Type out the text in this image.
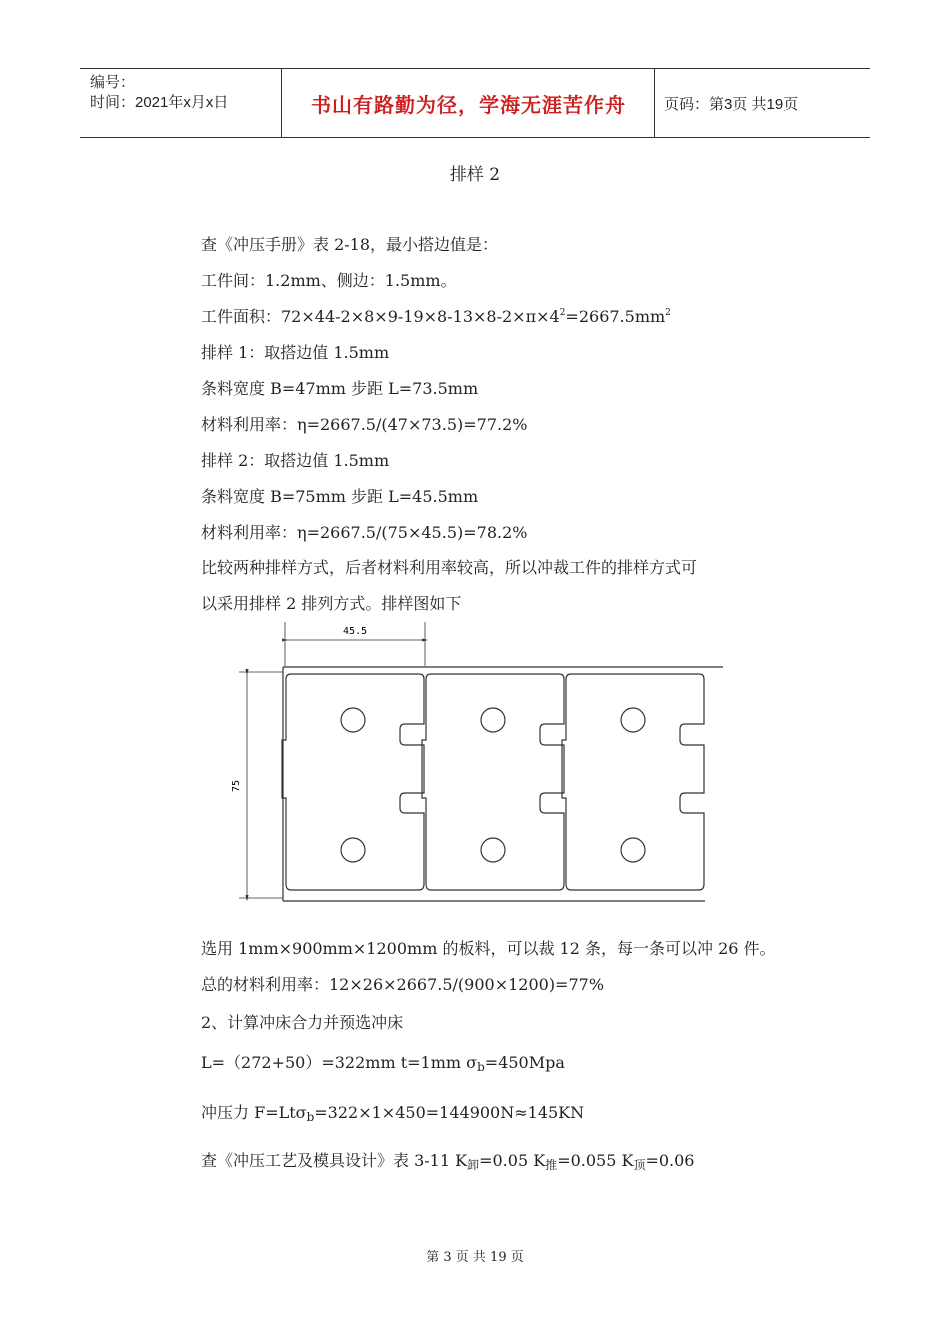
编号：
时间：2021年x月x日	书山有路勤为径，学海无涯苦作舟	页码：第3页 共19页
排样 2
查《冲压手册》表 2-18，最小搭边值是：
工件间：1.2mm、侧边：1.5mm。
工件面积：$72\times 44-2\times 8\times 9-19\times 8-13\times 8-2\times\pi\times 4^2=2667.5mm^2$
排样 1：取搭边值 1.5mm
条料宽度 B=47mm 步距 L=73.5mm
材料利用率：η=2667.5/(47×73.5)=77.2%
排样 2：取搭边值 1.5mm
条料宽度 B=75mm 步距 L=45.5mm
材料利用率：η=2667.5/(75×45.5)=78.2%
比较两种排样方式，后者材料利用率较高，所以冲裁工件的排样方式可
以采用排样 2 排列方式。排样图如下
45.5
75
选用 1mm×900mm×1200mm 的板料，可以裁 12 条，每一条可以冲 26 件。
总的材料利用率：12×26×2667.5/(900×1200)=77%
2、计算冲床合力并预选冲床
L=（272+50）=322mm t=1mm $\sigma_b=450Mpa$
冲压力 F=Ltσ$_b$=322×1×450=144900N≈145KN
查《冲压工艺及模具设计》表 3-11 $K_卸=0.05$ $K_推=0.055$ $K_顶=0.06$
第 3 页 共 19 页
